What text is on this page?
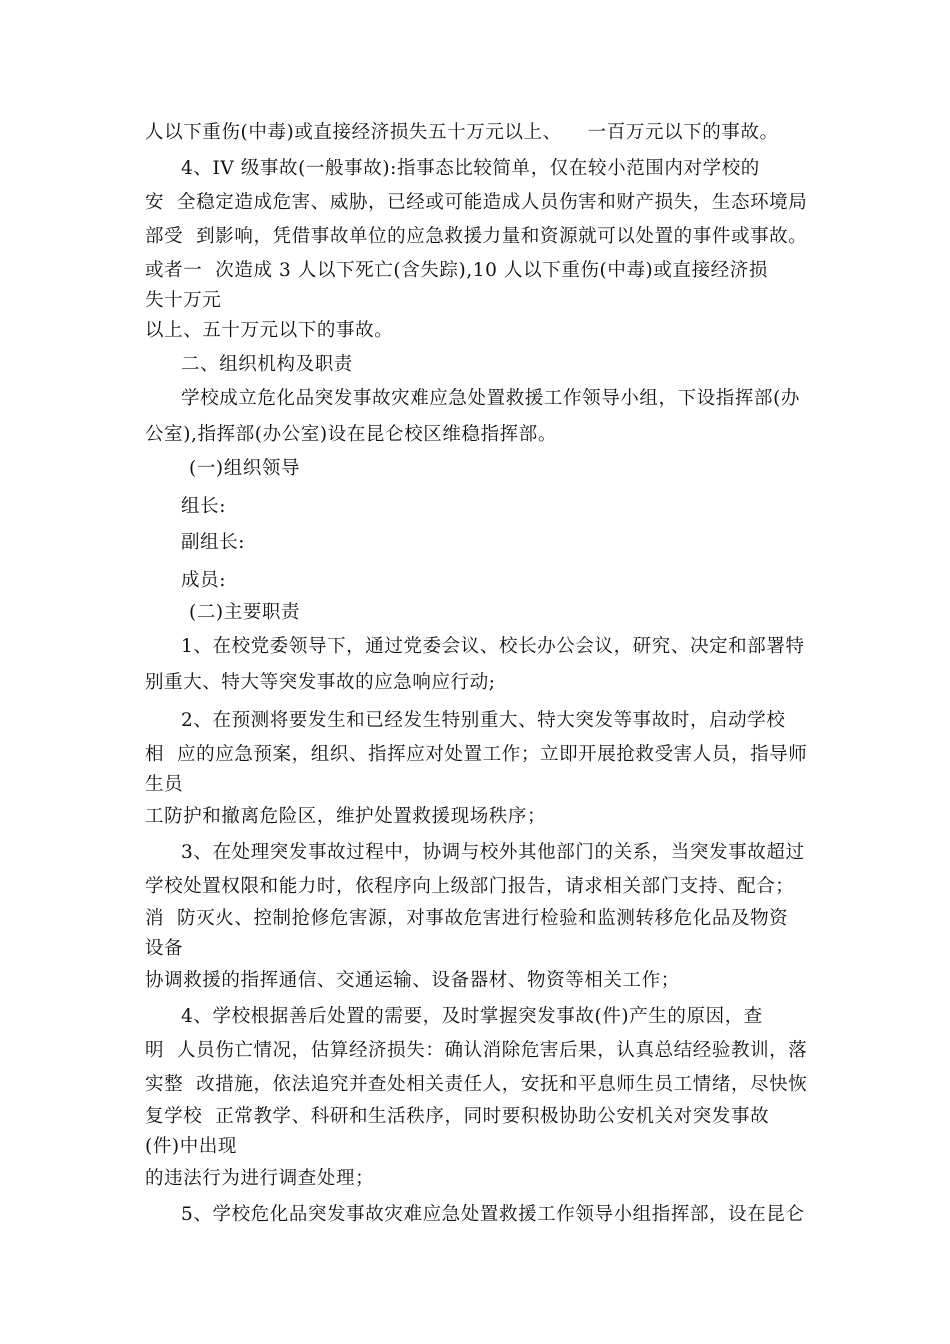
人以下重伤(中毒)或直接经济损失五十万元以上、    一百万元以下的事故。
4、IV 级事故(一般事故):指事态比较简单，仅在较小范围内对学校的
安  全稳定造成危害、威胁，已经或可能造成人员伤害和财产损失，生态环境局
部受  到影响，凭借事故单位的应急救援力量和资源就可以处置的事件或事故。
或者一  次造成 3 人以下死亡(含失踪),10 人以下重伤(中毒)或直接经济损
失十万元
以上、五十万元以下的事故。
二、组织机构及职责
学校成立危化品突发事故灾难应急处置救援工作领导小组，下设指挥部(办
公室),指挥部(办公室)设在昆仑校区维稳指挥部。
(一)组织领导
组长:
副组长:
成员:
(二)主要职责
1、在校党委领导下，通过党委会议、校长办公会议，研究、决定和部署特
别重大、特大等突发事故的应急响应行动;
2、在预测将要发生和已经发生特别重大、特大突发等事故时，启动学校
相  应的应急预案，组织、指挥应对处置工作；立即开展抢救受害人员，指导师
生员
工防护和撤离危险区，维护处置救援现场秩序；
3、在处理突发事故过程中，协调与校外其他部门的关系，当突发事故超过
学校处置权限和能力时，依程序向上级部门报告，请求相关部门支持、配合；
消  防灭火、控制抢修危害源，对事故危害进行检验和监测转移危化品及物资
设备
协调救援的指挥通信、交通运输、设备器材、物资等相关工作；
4、学校根据善后处置的需要，及时掌握突发事故(件)产生的原因，查
明  人员伤亡情况，估算经济损失：确认消除危害后果，认真总结经验教训，落
实整  改措施，依法追究并查处相关责任人，安抚和平息师生员工情绪，尽快恢
复学校  正常教学、科研和生活秩序，同时要积极协助公安机关对突发事故
(件)中出现
的违法行为进行调查处理；
5、学校危化品突发事故灾难应急处置救援工作领导小组指挥部，设在昆仑
